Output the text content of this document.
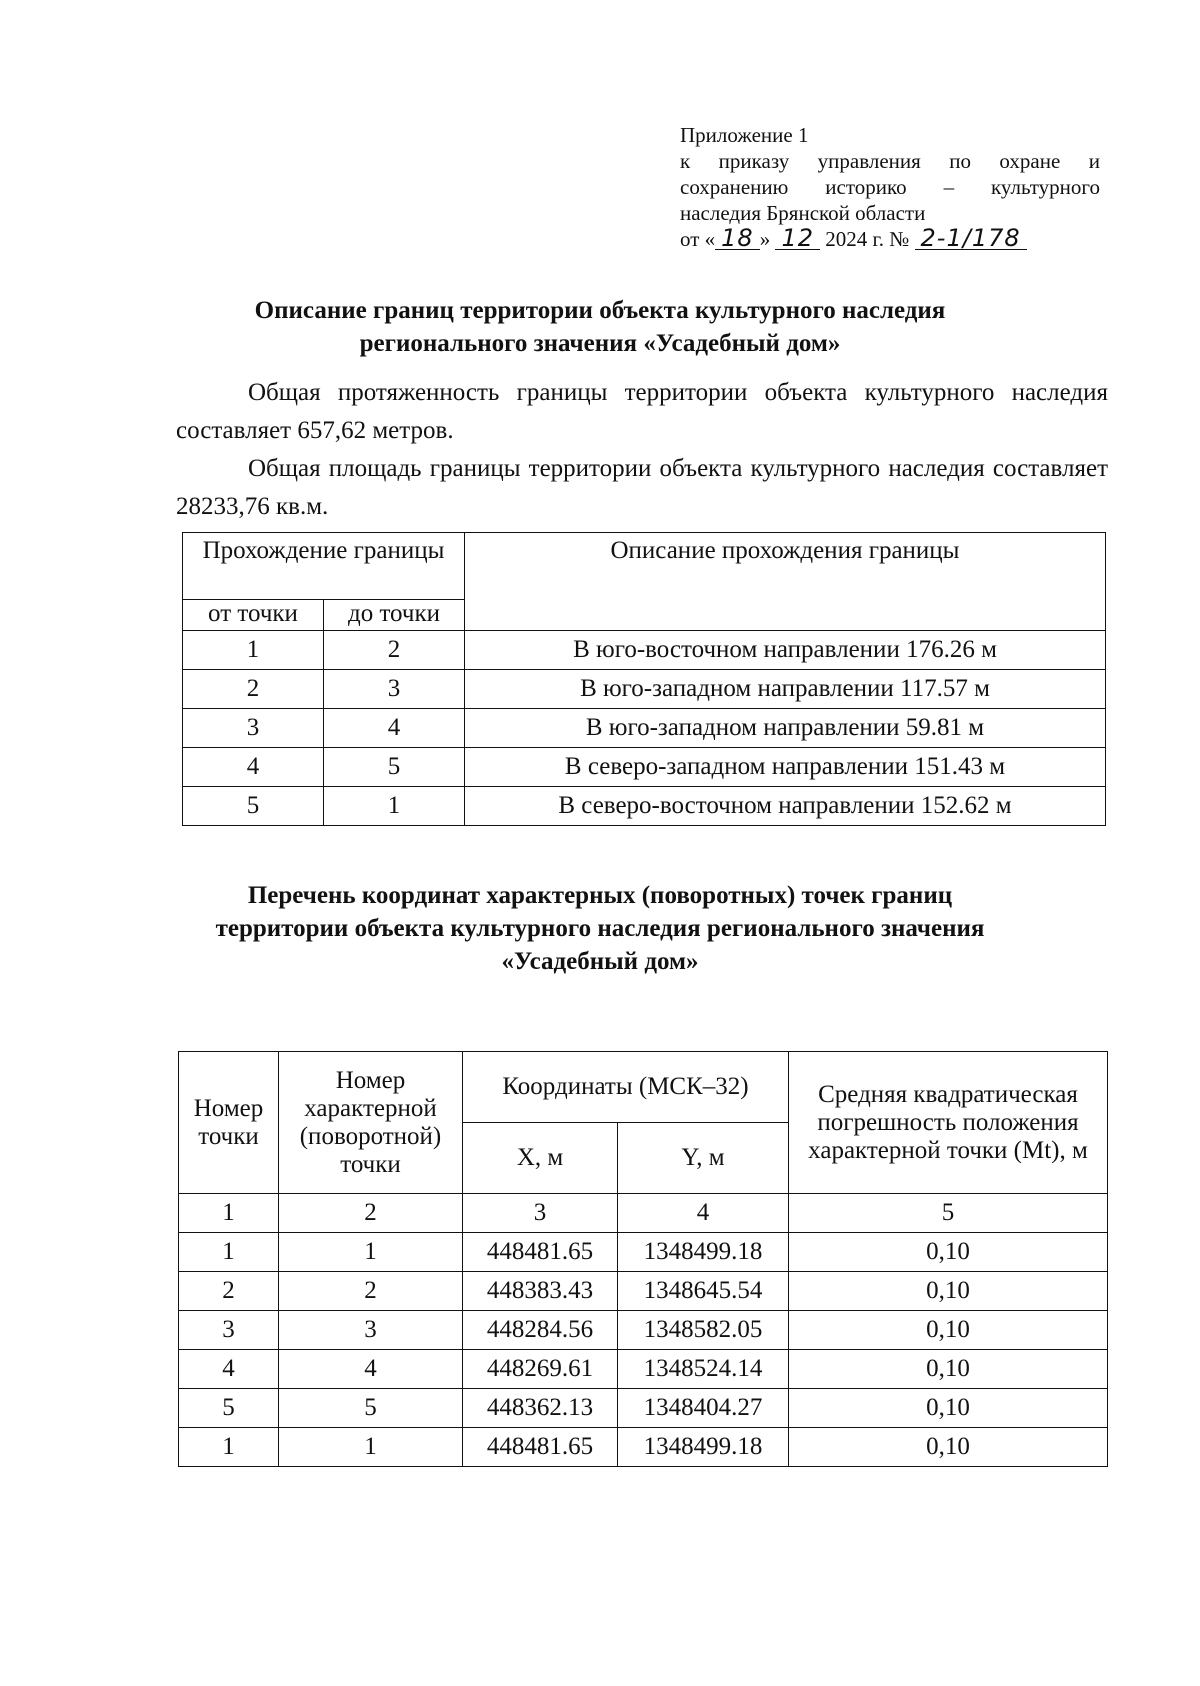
Приложение 1
к приказу управления по охране и
сохранению историко – культурного
наследия Брянской области
от « 18 » 12 2024 г. № 2-1/178
Описание границ территории объекта культурного наследия
регионального значения «Усадебный дом»
Общая протяженность границы территории объекта культурного наследия составляет 657,62 метров.
Общая площадь границы территории объекта культурного наследия составляет 28233,76 кв.м.
Прохождение границы		Описание прохождения границы
от точки	до точки	
1	2	В юго-восточном направлении 176.26 м
2	3	В юго-западном направлении 117.57 м
3	4	В юго-западном направлении 59.81 м
4	5	В северо-западном направлении 151.43 м
5	1	В северо-восточном направлении 152.62 м
Перечень координат характерных (поворотных) точек границ
территории объекта культурного наследия регионального значения
«Усадебный дом»
Номер точки	Номер характерной (поворотной) точки	Координаты (МСК–32)		Средняя квадратическая погрешность положения характерной точки (Mt), м
		X, м	Y, м	
1	2	3	4	5
1	1	448481.65	1348499.18	0,10
2	2	448383.43	1348645.54	0,10
3	3	448284.56	1348582.05	0,10
4	4	448269.61	1348524.14	0,10
5	5	448362.13	1348404.27	0,10
1	1	448481.65	1348499.18	0,10
